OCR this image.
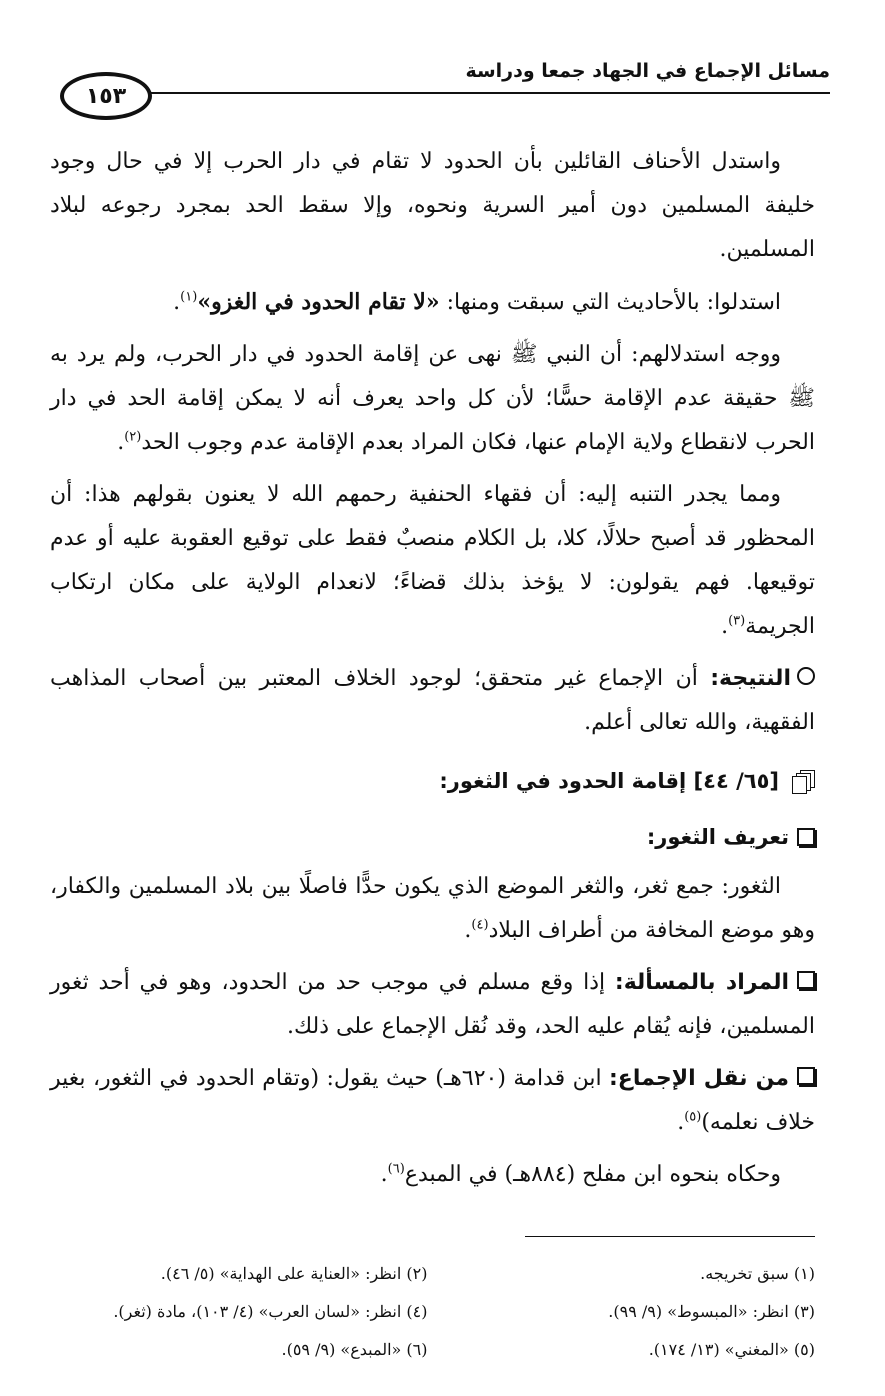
مسائل الإجماع في الجهاد جمعا ودراسة
١٥٣

واستدل الأحناف القائلين بأن الحدود لا تقام في دار الحرب إلا في حال وجود خليفة المسلمين دون أمير السرية ونحوه، وإلا سقط الحد بمجرد رجوعه لبلاد المسلمين.

استدلوا: بالأحاديث التي سبقت ومنها: «لا تقام الحدود في الغزو»$^{(١)}$.

ووجه استدلالهم: أن النبي ﷺ نهى عن إقامة الحدود في دار الحرب، ولم يرد به ﷺ حقيقة عدم الإقامة حسًّا؛ لأن كل واحد يعرف أنه لا يمكن إقامة الحد في دار الحرب لانقطاع ولاية الإمام عنها، فكان المراد بعدم الإقامة عدم وجوب الحد$^{(٢)}$.

ومما يجدر التنبه إليه: أن فقهاء الحنفية رحمهم الله لا يعنون بقولهم هذا: أن المحظور قد أصبح حلالًا، كلا، بل الكلام منصبٌ فقط على توقيع العقوبة عليه أو عدم توقيعها. فهم يقولون: لا يؤخذ بذلك قضاءً؛ لانعدام الولاية على مكان ارتكاب الجريمة$^{(٣)}$.

النتيجة: أن الإجماع غير متحقق؛ لوجود الخلاف المعتبر بين أصحاب المذاهب الفقهية، والله تعالى أعلم.

[٦٥/ ٤٤] إقامة الحدود في الثغور:
تعريف الثغور:

الثغور: جمع ثغر، والثغر الموضع الذي يكون حدًّا فاصلًا بين بلاد المسلمين والكفار، وهو موضع المخافة من أطراف البلاد$^{(٤)}$.

المراد بالمسألة: إذا وقع مسلم في موجب حد من الحدود، وهو في أحد ثغور المسلمين، فإنه يُقام عليه الحد، وقد نُقل الإجماع على ذلك.

من نقل الإجماع: ابن قدامة (٦٢٠هـ) حيث يقول: (وتقام الحدود في الثغور، بغير خلاف نعلمه)$^{(٥)}$.

وحكاه بنحوه ابن مفلح (٨٨٤هـ) في المبدع$^{(٦)}$.

(١) سبق تخريجه.
(٢) انظر: «العناية على الهداية» (٥/ ٤٦).
(٣) انظر: «المبسوط» (٩/ ٩٩).
(٤) انظر: «لسان العرب» (٤/ ١٠٣)، مادة (ثغر).
(٥) «المغني» (١٣/ ١٧٤).
(٦) «المبدع» (٩/ ٥٩).
